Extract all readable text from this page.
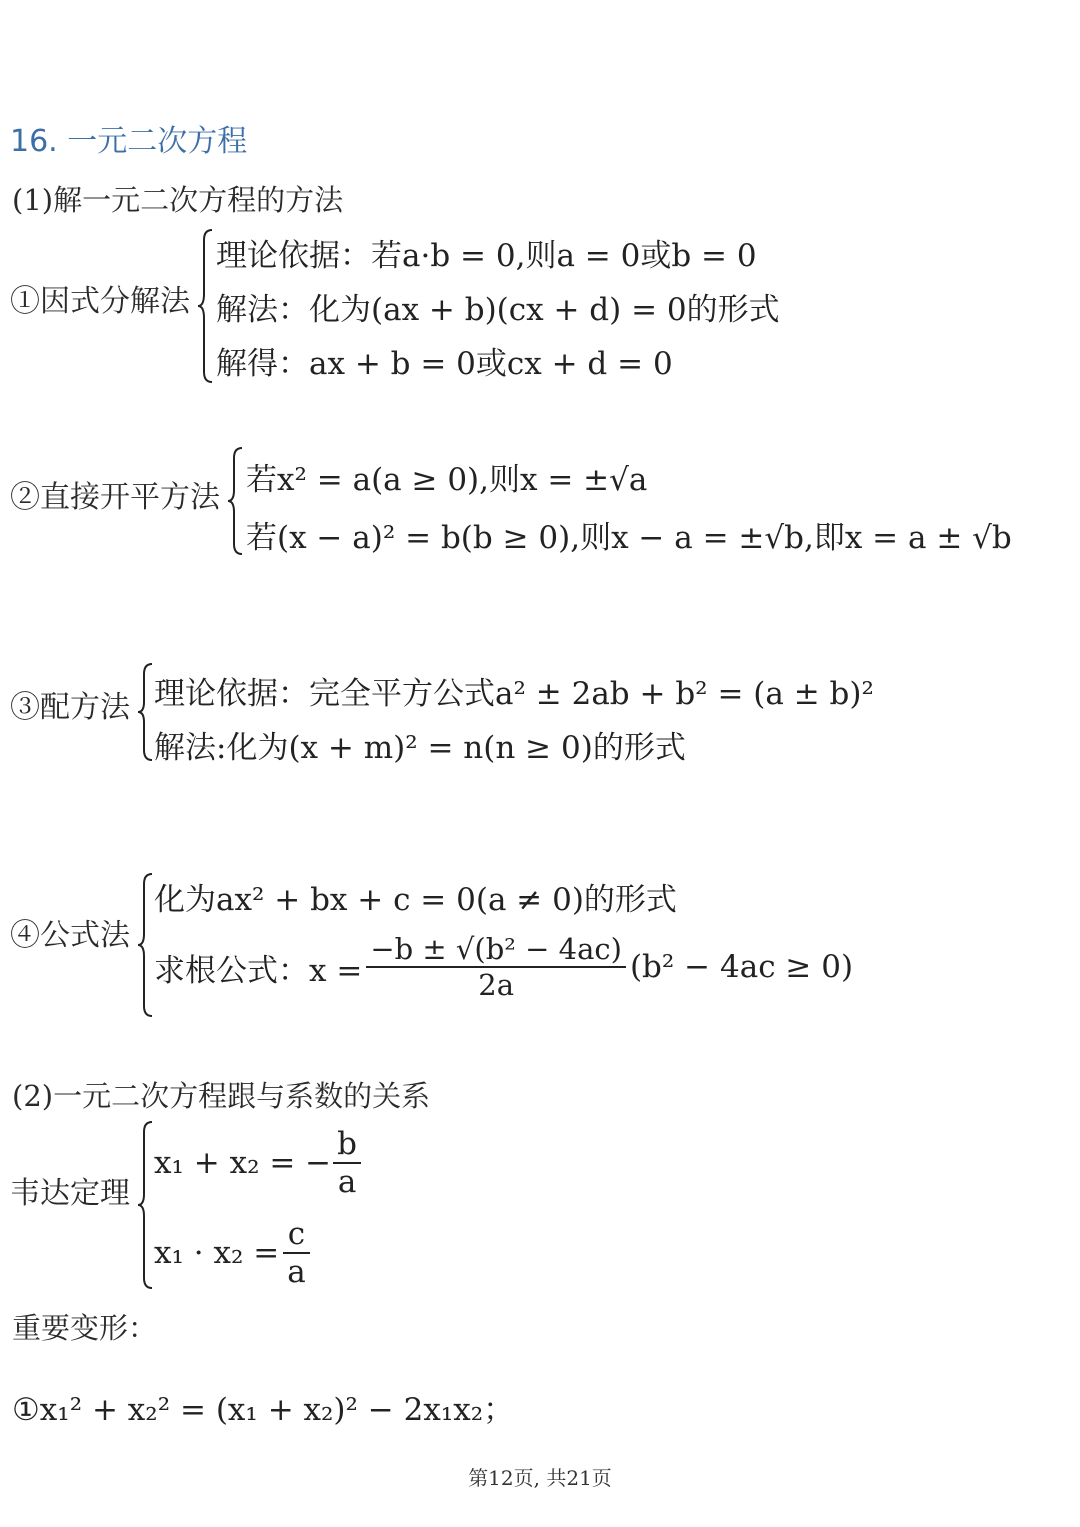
16. 一元二次方程
(1)解一元二次方程的方法
①因式分解法
理论依据：若a·b = 0,则a = 0或b = 0
解法：化为(ax + b)(cx + d) = 0的形式
解得：ax + b = 0或cx + d = 0
②直接开平方法 若x² = a(a ≥ 0),则x = ±√a
若(x − a)² = b(b ≥ 0),则x − a = ±√b,即x = a ± √b
③配方法 理论依据：完全平方公式a² ± 2ab + b² = (a ± b)²
解法:化为(x + m)² = n(n ≥ 0)的形式
④公式法
化为ax² + bx + c = 0(a ≠ 0)的形式
求根公式：$x = \frac{\text{−b ± √(b² − 4ac)}}{2a} (b^2 - 4ac \ge 0)$
(2)一元二次方程跟与系数的关系
韦达定理
x₁ + x₂ = − $\frac{b}{a}$
$x_1 \cdot x_2 = \frac{c}{a}$
重要变形：
①x₁² + x₂² = (x₁ + x₂)² − 2x₁x₂；
第12页, 共21页
